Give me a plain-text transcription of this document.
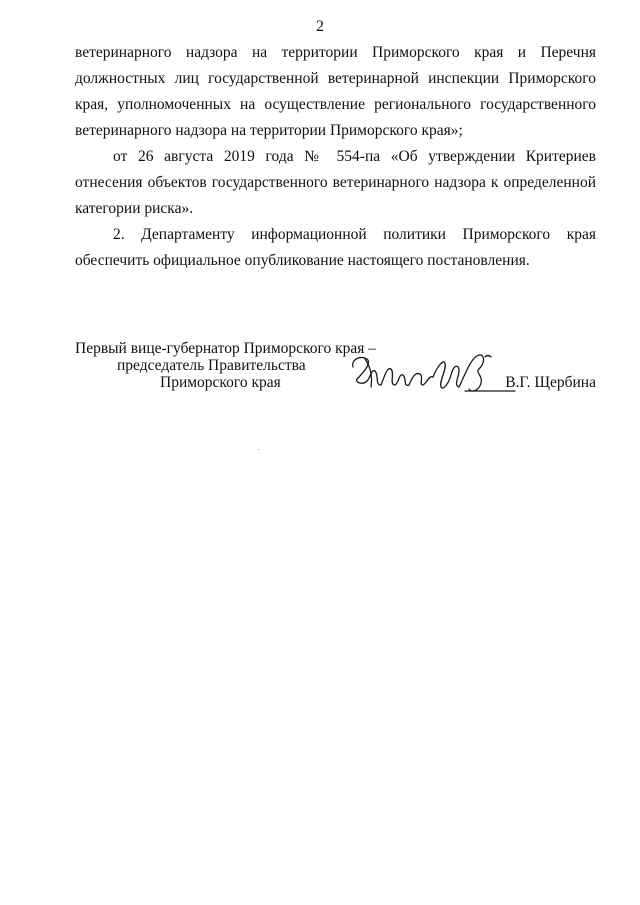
2

ветеринарного надзора на территории Приморского края и Перечня должностных лиц государственной ветеринарной инспекции Приморского края, уполномоченных на осуществление регионального государственного ветеринарного надзора на территории Приморского края»;

от 26 августа 2019 года № 554-па «Об утверждении Критериев отнесения объектов государственного ветеринарного надзора к определенной категории риска».

2. Департаменту информационной политики Приморского края обеспечить официальное опубликование настоящего постановления.

Первый вице-губернатор Приморского края –
председатель Правительства
Приморского края	В.Г. Щербина
